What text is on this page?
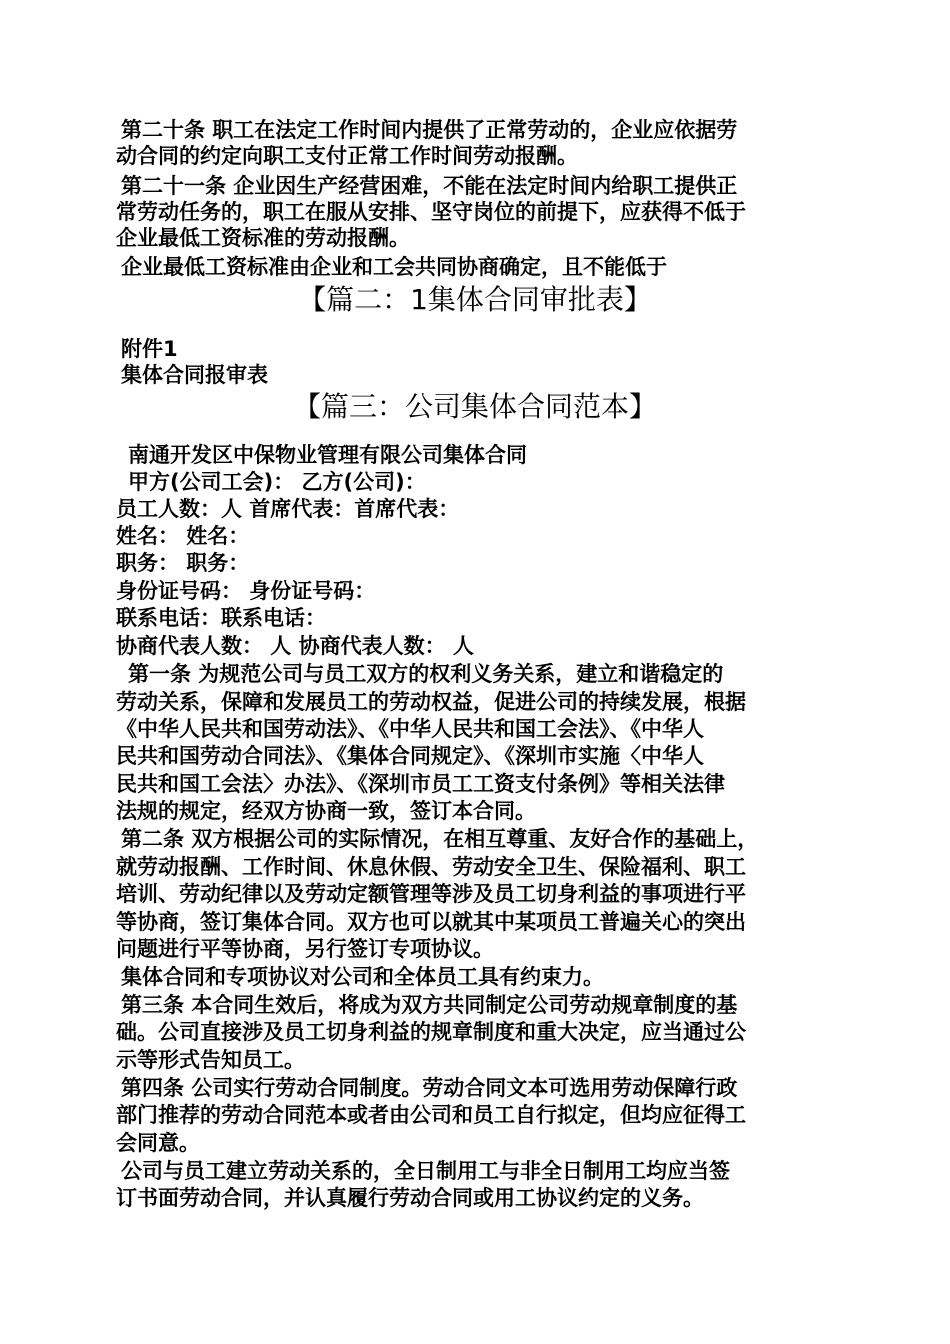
第二十条 职工在法定工作时间内提供了正常劳动的，企业应依据劳
动合同的约定向职工支付正常工作时间劳动报酬。
第二十一条 企业因生产经营困难，不能在法定时间内给职工提供正
常劳动任务的，职工在服从安排、坚守岗位的前提下，应获得不低于
企业最低工资标准的劳动报酬。
企业最低工资标准由企业和工会共同协商确定，且不能低于
【篇二：1集体合同审批表】
附件1
集体合同报审表
【篇三：公司集体合同范本】
南通开发区中保物业管理有限公司集体合同
甲方(公司工会)： 乙方(公司)：
员工人数：人 首席代表：首席代表：
姓名： 姓名：
职务： 职务：
身份证号码： 身份证号码：
联系电话：联系电话：
协商代表人数： 人 协商代表人数： 人
第一条 为规范公司与员工双方的权利义务关系，建立和谐稳定的
劳动关系，保障和发展员工的劳动权益，促进公司的持续发展，根据
《中华人民共和国劳动法》、《中华人民共和国工会法》、《中华人
民共和国劳动合同法》、《集体合同规定》、《深圳市实施〈中华人
民共和国工会法〉办法》、《深圳市员工工资支付条例》等相关法律
法规的规定，经双方协商一致，签订本合同。
第二条 双方根据公司的实际情况，在相互尊重、友好合作的基础上，
就劳动报酬、工作时间、休息休假、劳动安全卫生、保险福利、职工
培训、劳动纪律以及劳动定额管理等涉及员工切身利益的事项进行平
等协商，签订集体合同。双方也可以就其中某项员工普遍关心的突出
问题进行平等协商，另行签订专项协议。
集体合同和专项协议对公司和全体员工具有约束力。
第三条 本合同生效后，将成为双方共同制定公司劳动规章制度的基
础。公司直接涉及员工切身利益的规章制度和重大决定，应当通过公
示等形式告知员工。
第四条 公司实行劳动合同制度。劳动合同文本可选用劳动保障行政
部门推荐的劳动合同范本或者由公司和员工自行拟定，但均应征得工
会同意。
公司与员工建立劳动关系的，全日制用工与非全日制用工均应当签
订书面劳动合同，并认真履行劳动合同或用工协议约定的义务。
